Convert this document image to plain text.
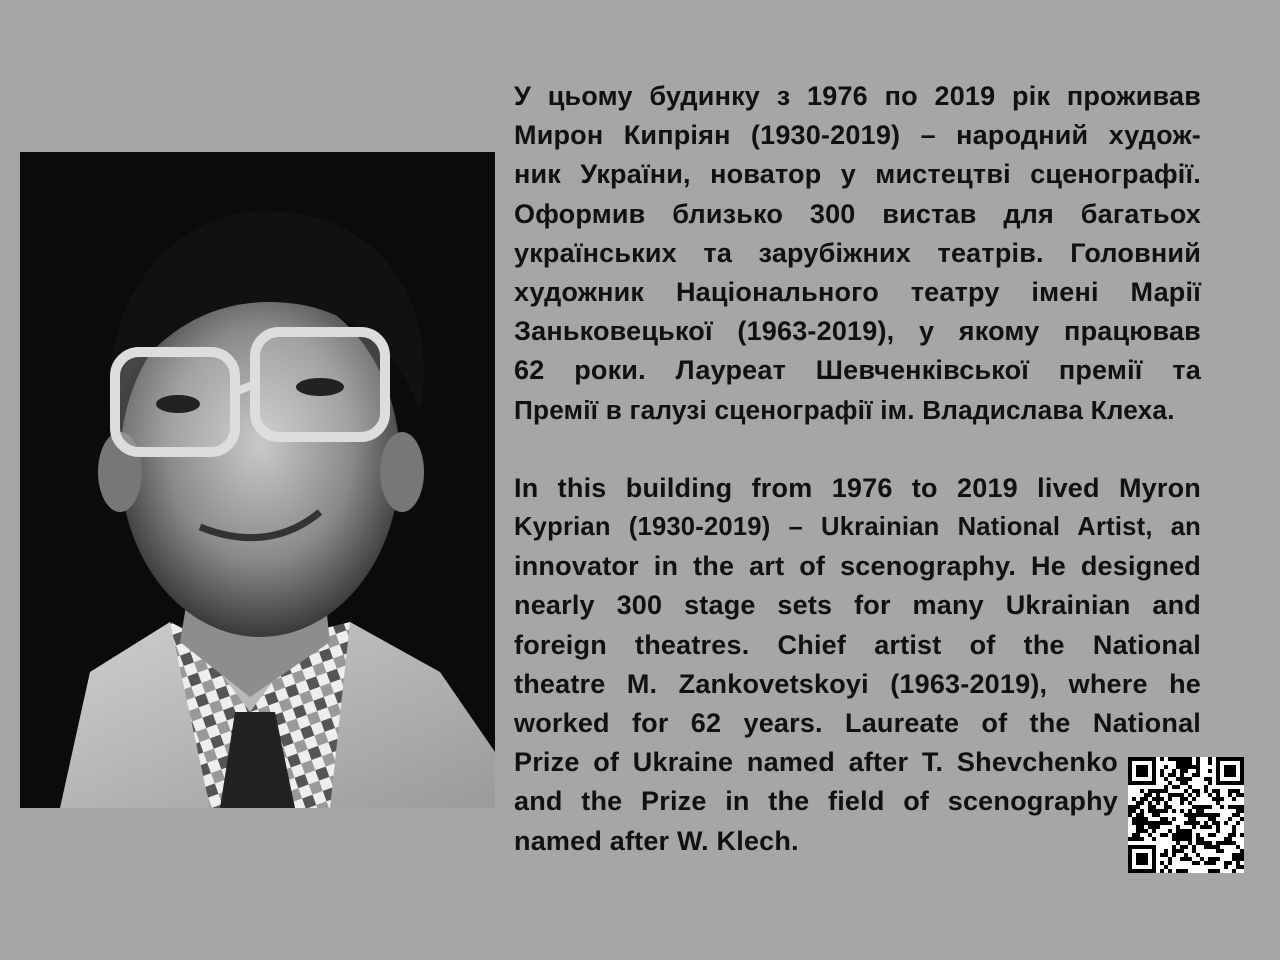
У цьому будинку з 1976 по 2019 рік проживав
Мирон Кипріян (1930-2019) – народний худож-
ник України, новатор у мистецтві сценографії.
Оформив близько 300 вистав для багатьох
українських та зарубіжних театрів. Головний
художник Національного театру імені Марії
Заньковецької (1963-2019), у якому працював
62 роки. Лауреат Шевченківської премії та
Премії в галузі сценографії ім. Владислава Клеха.

In this building from 1976 to 2019 lived Myron
Kyprian (1930-2019) – Ukrainian National Artist, an
innovator in the art of scenography. He designed
nearly 300 stage sets for many Ukrainian and
foreign theatres. Chief artist of the National
theatre M. Zankovetskoyi (1963-2019), where he
worked for 62 years. Laureate of the National

Prize of Ukraine named after T. Shevchenko
and the Prize in the field of scenography
named after W. Klech.
